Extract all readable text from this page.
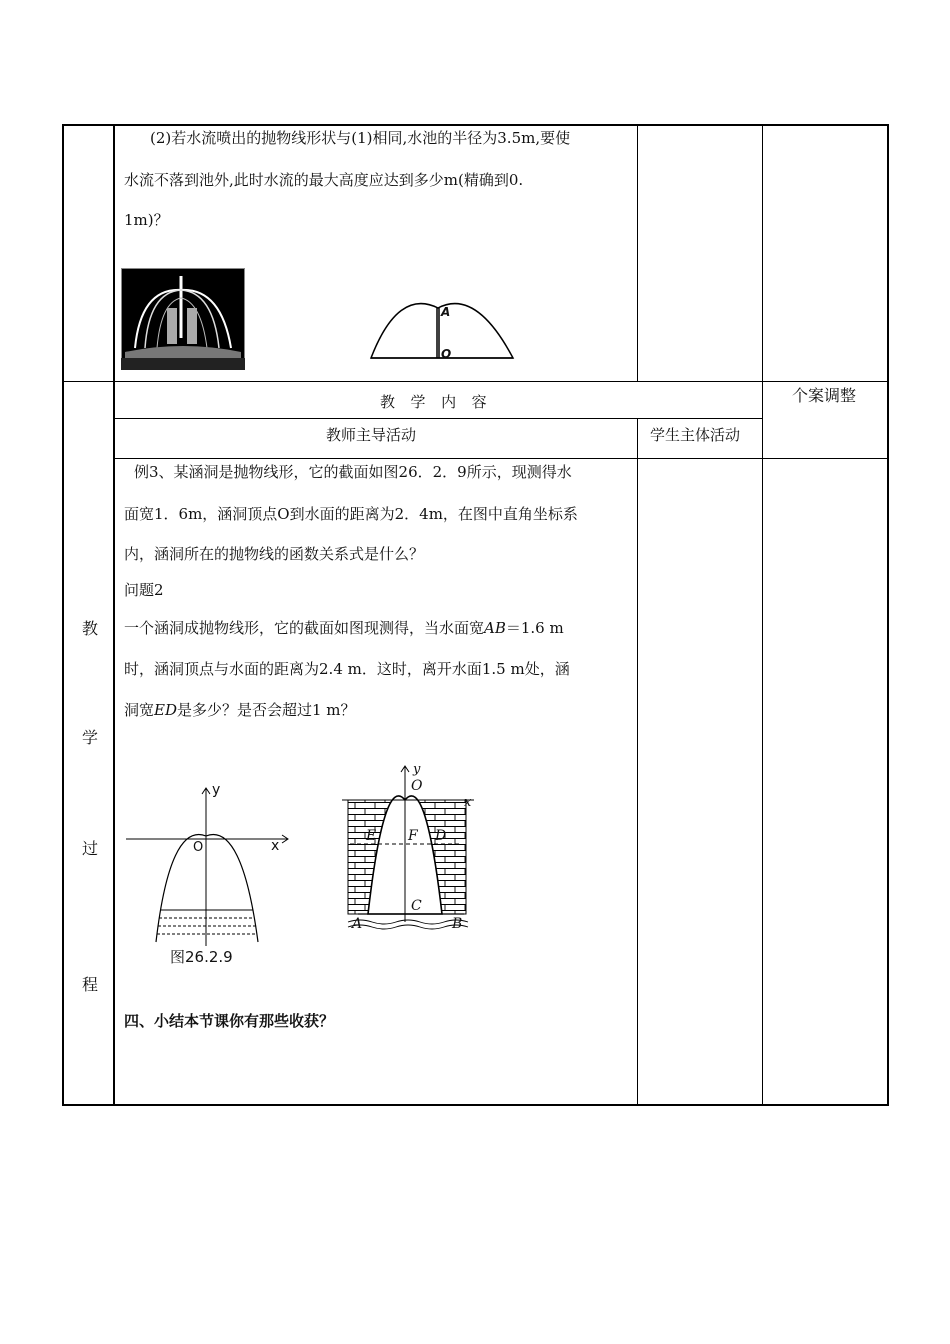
(2)若水流喷出的抛物线形状与(1)相同,水池的半径为3.5m,要使
水流不落到池外,此时水流的最大高度应达到多少m(精确到0.
1m)？
A
O
教  学  内  容	个案调整
教师主导活动	学生主体活动
教
学
过
程
例3、某涵洞是抛物线形，它的截面如图26．2．9所示，现测得水
面宽1．6m，涵洞顶点O到水面的距离为2．4m，在图中直角坐标系
内，涵洞所在的抛物线的函数关系式是什么？
问题2
一个涵洞成抛物线形，它的截面如图现测得，当水面宽AB＝1.6 m
时，涵洞顶点与水面的距离为2.4 m．这时，离开水面1.5 m处，涵
洞宽ED是多少？是否会超过1 m？
y
x
O
图26.2.9
y
O
x
E F D
C
A	B
四、小结本节课你有那些收获？
